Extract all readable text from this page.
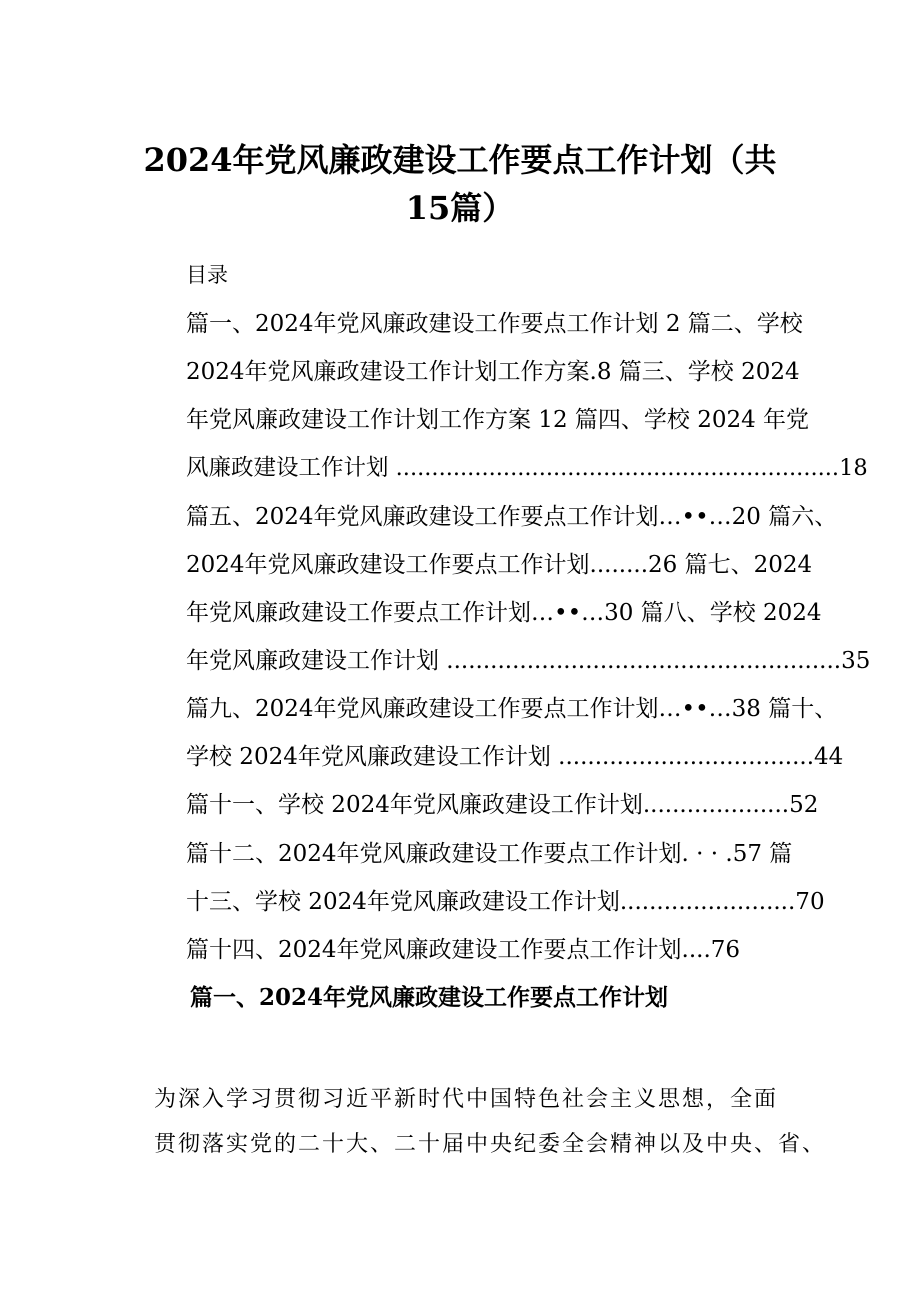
2024年党风廉政建设工作要点工作计划（共
15篇）
目录
篇一、2024年党风廉政建设工作要点工作计划 2 篇二、学校
2024年党风廉政建设工作计划工作方案.8 篇三、学校 2024
年党风廉政建设工作计划工作方案 12 篇四、学校 2024 年党
风廉政建设工作计划 ..............................................................18
篇五、2024年党风廉政建设工作要点工作计划…••…20 篇六、
2024年党风廉政建设工作要点工作计划........26 篇七、2024
年党风廉政建设工作要点工作计划…••…30 篇八、学校 2024
年党风廉政建设工作计划 ......................................................35
篇九、2024年党风廉政建设工作要点工作计划…••…38 篇十、
学校 2024年党风廉政建设工作计划 ...................................44
篇十一、学校 2024年党风廉政建设工作计划....................52
篇十二、2024年党风廉政建设工作要点工作计划. · · .57 篇
十三、学校 2024年党风廉政建设工作计划........................70
篇十四、2024年党风廉政建设工作要点工作计划....76
篇一、2024年党风廉政建设工作要点工作计划
为深入学习贯彻习近平新时代中国特色社会主义思想，全面
贯彻落实党的二十大、二十届中央纪委全会精神以及中央、省、
